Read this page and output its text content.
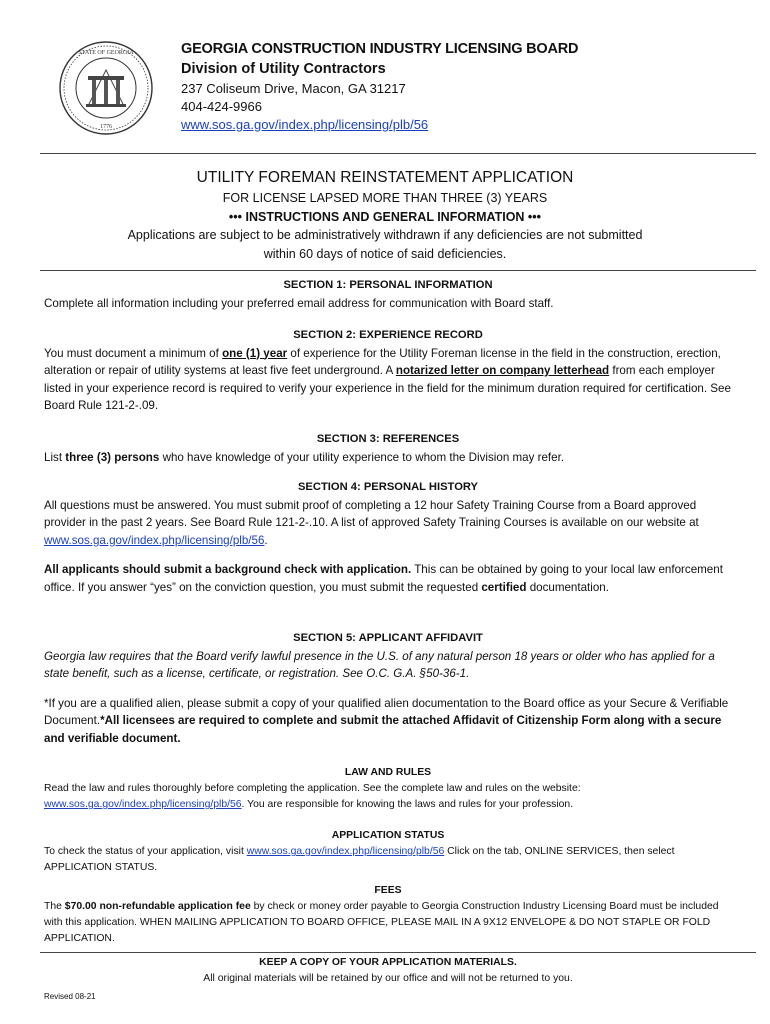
STATE OF GEORGIA
1776
GEORGIA CONSTRUCTION INDUSTRY LICENSING BOARD
Division of Utility Contractors
237 Coliseum Drive, Macon, GA 31217
404-424-9966
www.sos.ga.gov/index.php/licensing/plb/56
UTILITY FOREMAN REINSTATEMENT APPLICATION
FOR LICENSE LAPSED MORE THAN THREE (3) YEARS
••• INSTRUCTIONS AND GENERAL INFORMATION •••
Applications are subject to be administratively withdrawn if any deficiencies are not submitted
within 60 days of notice of said deficiencies.
SECTION 1: PERSONAL INFORMATION
Complete all information including your preferred email address for communication with Board staff.
SECTION 2: EXPERIENCE RECORD
You must document a minimum of one (1) year of experience for the Utility Foreman license in the field in the construction, erection, alteration or repair of utility systems at least five feet underground. A notarized letter on company letterhead from each employer listed in your experience record is required to verify your experience in the field for the minimum duration required for certification. See Board Rule 121-2-.09.
SECTION 3: REFERENCES
List three (3) persons who have knowledge of your utility experience to whom the Division may refer.
SECTION 4: PERSONAL HISTORY
All questions must be answered. You must submit proof of completing a 12 hour Safety Training Course from a Board approved provider in the past 2 years. See Board Rule 121-2-.10. A list of approved Safety Training Courses is available on our website at www.sos.ga.gov/index.php/licensing/plb/56.
All applicants should submit a background check with application. This can be obtained by going to your local law enforcement office. If you answer “yes” on the conviction question, you must submit the requested certified documentation.
SECTION 5: APPLICANT AFFIDAVIT
Georgia law requires that the Board verify lawful presence in the U.S. of any natural person 18 years or older who has applied for a state benefit, such as a license, certificate, or registration. See O.C. G.A. §50-36-1.
*If you are a qualified alien, please submit a copy of your qualified alien documentation to the Board office as your Secure & Verifiable Document.*All licensees are required to complete and submit the attached Affidavit of Citizenship Form along with a secure and verifiable document.
LAW AND RULES
Read the law and rules thoroughly before completing the application. See the complete law and rules on the website: www.sos.ga.gov/index.php/licensing/plb/56. You are responsible for knowing the laws and rules for your profession.
APPLICATION STATUS
To check the status of your application, visit www.sos.ga.gov/index.php/licensing/plb/56 Click on the tab, ONLINE SERVICES, then select APPLICATION STATUS.
FEES
The $70.00 non-refundable application fee by check or money order payable to Georgia Construction Industry Licensing Board must be included with this application. WHEN MAILING APPLICATION TO BOARD OFFICE, PLEASE MAIL IN A 9X12 ENVELOPE & DO NOT STAPLE OR FOLD APPLICATION.
KEEP A COPY OF YOUR APPLICATION MATERIALS.
All original materials will be retained by our office and will not be returned to you.
Revised 08-21
